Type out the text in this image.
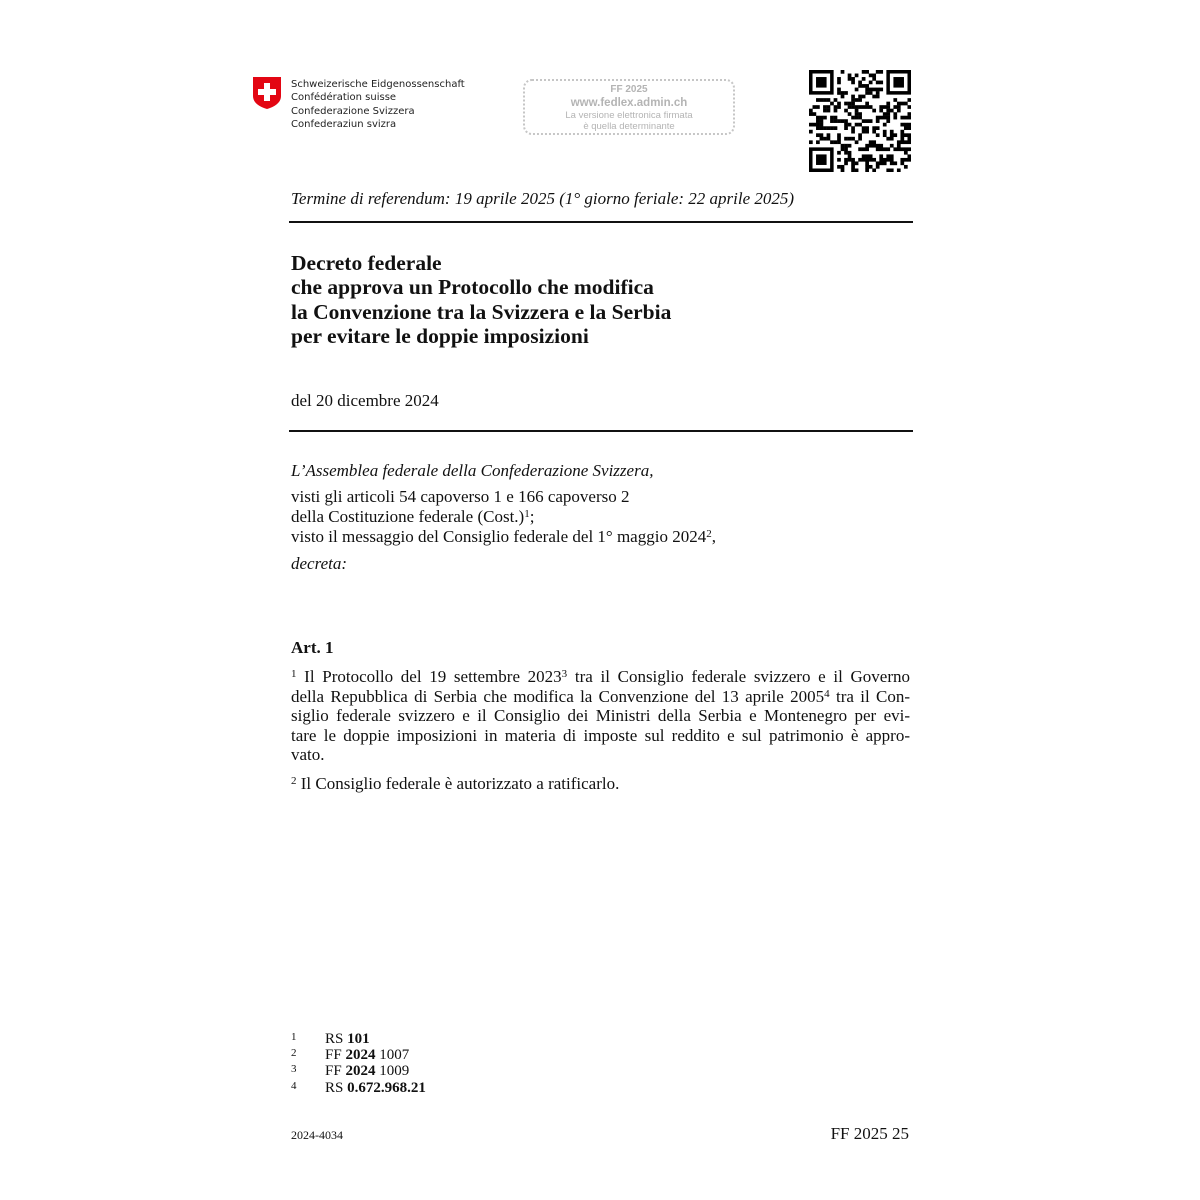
Schweizerische Eidgenossenschaft
Confédération suisse
Confederazione Svizzera
Confederaziun svizra
FF 2025
www.fedlex.admin.ch
La versione elettronica firmata
è quella determinante
Termine di referendum: 19 aprile 2025 (1° giorno feriale: 22 aprile 2025)
Decreto federale
che approva un Protocollo che modifica
la Convenzione tra la Svizzera e la Serbia
per evitare le doppie imposizioni
del 20 dicembre 2024
L’Assemblea federale della Confederazione Svizzera,
visti gli articoli 54 capoverso 1 e 166 capoverso 2
della Costituzione federale (Cost.)$^1$;
visto il messaggio del Consiglio federale del 1° maggio 2024$^2$,
decreta:
Art. 1
$^1$ Il Protocollo del 19 settembre 2023$^3$ tra il Consiglio federale svizzero e il Governo
della Repubblica di Serbia che modifica la Convenzione del 13 aprile 2005$^4$ tra il Con-
siglio federale svizzero e il Consiglio dei Ministri della Serbia e Montenegro per evi-
tare le doppie imposizioni in materia di imposte sul reddito e sul patrimonio è appro-
vato.
$^2$ Il Consiglio federale è autorizzato a ratificarlo.
1	RS 101
2	FF 2024 1007
3	FF 2024 1009
4	RS 0.672.968.21
2024-4034	FF 2025 25
